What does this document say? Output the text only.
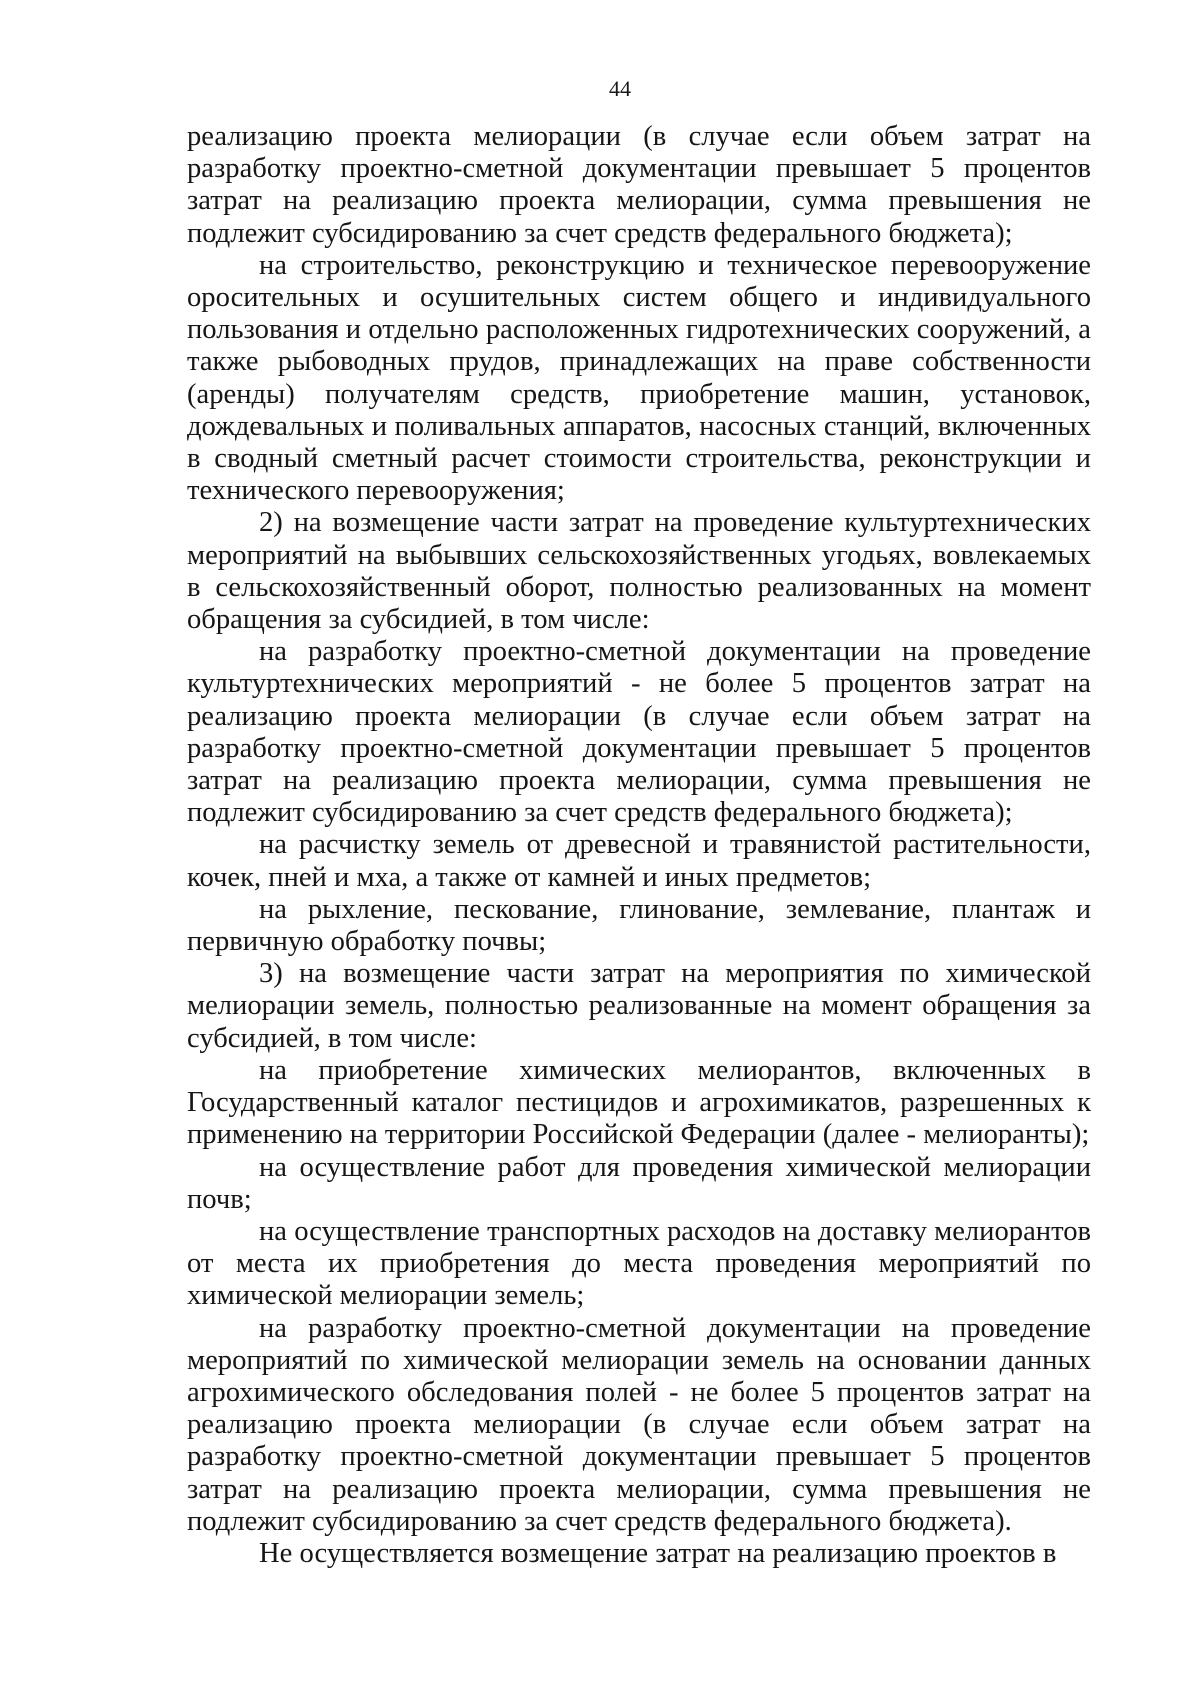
44

реализацию проекта мелиорации (в случае если объем затрат на разработку проектно-сметной документации превышает 5 процентов затрат на реализацию проекта мелиорации, сумма превышения не подлежит субсидированию за счет средств федерального бюджета);

на строительство, реконструкцию и техническое перевооружение оросительных и осушительных систем общего и индивидуального пользования и отдельно расположенных гидротехнических сооружений, а также рыбоводных прудов, принадлежащих на праве собственности (аренды) получателям средств, приобретение машин, установок, дождевальных и поливальных аппаратов, насосных станций, включенных в сводный сметный расчет стоимости строительства, реконструкции и технического перевооружения;

2) на возмещение части затрат на проведение культуртехнических мероприятий на выбывших сельскохозяйственных угодьях, вовлекаемых в сельскохозяйственный оборот, полностью реализованных на момент обращения за субсидией, в том числе:

на разработку проектно-сметной документации на проведение культуртехнических мероприятий - не более 5 процентов затрат на реализацию проекта мелиорации (в случае если объем затрат на разработку проектно-сметной документации превышает 5 процентов затрат на реализацию проекта мелиорации, сумма превышения не подлежит субсидированию за счет средств федерального бюджета);

на расчистку земель от древесной и травянистой растительности, кочек, пней и мха, а также от камней и иных предметов;

на рыхление, пескование, глинование, землевание, плантаж и первичную обработку почвы;

3) на возмещение части затрат на мероприятия по химической мелиорации земель, полностью реализованные на момент обращения за субсидией, в том числе:

на приобретение химических мелиорантов, включенных в Государственный каталог пестицидов и агрохимикатов, разрешенных к применению на территории Российской Федерации (далее - мелиоранты);

на осуществление работ для проведения химической мелиорации почв;

на осуществление транспортных расходов на доставку мелиорантов от места их приобретения до места проведения мероприятий по химической мелиорации земель;

на разработку проектно-сметной документации на проведение мероприятий по химической мелиорации земель на основании данных агрохимического обследования полей - не более 5 процентов затрат на реализацию проекта мелиорации (в случае если объем затрат на разработку проектно-сметной документации превышает 5 процентов затрат на реализацию проекта мелиорации, сумма превышения не подлежит субсидированию за счет средств федерального бюджета).

Не осуществляется возмещение затрат на реализацию проектов в
